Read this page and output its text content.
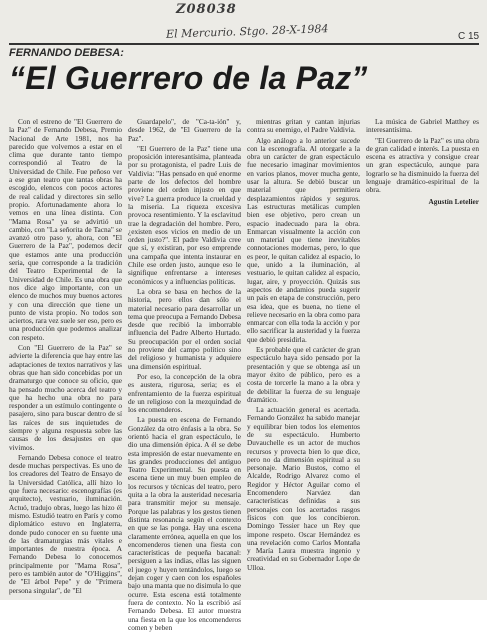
Z08038
El Mercurio. Stgo. 28-X-1984	C 15
FERNANDO DEBESA:
“El Guerrero de la Paz”

Con el estreno de "El Guerrero de la Paz" de Fernando Debesa, Premio Nacional de Arte 1981, nos ha parecido que volvemos a estar en el clima que durante tanto tiempo correspondió al Teatro de la Universidad de Chile. Fue peñoso ver a ese gran teatro que tantas obras ha escogido, elencos con pocos actores de real calidad y directores sin sello propio. Afortunadamente ahora lo vemos en una línea distinta. Con "Mama Rosa" ya se advirtió un cambio, con "La señorita de Tacna" se avanzó otro paso y, ahora, con "El Guerrero de la Paz", podemos decir que estamos ante una producción seria, que corresponde a la tradición del Teatro Experimental de la Universidad de Chile. Es una obra que nos dice algo importante, con un elenco de muchos muy buenos actores y con una dirección que tiene un punto de vista propio. No todos son aciertos, rara vez suele ser eso, pero es una producción que podemos analizar con respeto.

Con "El Guerrero de la Paz" se advierte la diferencia que hay entre las adaptaciones de textos narrativos y las obras que han sido concebidas por un dramaturgo que conoce su oficio, que ha pensado mucho acerca del teatro y que ha hecho una obra no para responder a un estímulo contingente o pasajero, sino para buscar dentro de sí las raíces de sus inquietudes de siempre y alguna respuesta sobre las causas de los desajustes en que vivimos.

Fernando Debesa conoce el teatro desde muchas perspectivas. Es uno de los creadores del Teatro de Ensayo de la Universidad Católica, allí hizo lo que fuera necesario: escenografías (es arquitecto), vestuario, iluminación. Actuó, tradujo obras, luego las hizo él mismo. Estudió teatro en París y como diplomático estuvo en Inglaterra, donde pudo conocer en su fuente una de las dramaturgias más vitales e importantes de nuestra época. A Fernando Debesa lo conocemos principalmente por "Mama Rosa", pero es también autor de "O'Higgins", de "El árbol Pepe" y de "Primera persona singular", de "El

Guardapelo", de "Ca-ta-ión" y, desde 1962, de "El Guerrero de la Paz".

"El Guerrero de la Paz" tiene una proposición interesantísima, planteada por su protagonista, el padre Luis de Valdivia: "Has pensado en qué enorme parte de los defectos del hombre proviene del orden injusto en que vive? La guerra produce la crueldad y la miseria. La riqueza excesiva provoca resentimiento. Y la esclavitud trae la degradación del hombre. Pero, ¿existen esos vicios en medio de un orden justo?". El padre Valdivia cree que sí, y existiran, por eso emprende una campaña que intenta instaurar en Chile ese orden justo, aunque eso le signifique enfrentarse a intereses económicos y a influencias políticas.

La obra se basa en hechos de la historia, pero ellos dan sólo el material necesario para desarrollar un tema que preocupa a Fernando Debesa desde que recibió la imborrable influencia del Padre Alberto Hurtado. Su preocupación por el orden social no proviene del campo político sino del religioso y humanista y adquiere una dimensión espiritual.

Por eso, la concepción de la obra es austera, rigurosa, seria; es el enfrentamiento de la fuerza espiritual de un religioso con la mezquindad de los encomenderos.

La puesta en escena de Fernando González da otro énfasis a la obra. Se orientó hacia el gran espectáculo, le dio una dimensión épica. A él se debe esta impresión de estar nuevamente en las grandes producciones del antiguo Teatro Experimental. Su puesta en escena tiene un muy buen empleo de los recursos y técnicas del teatro, pero quita a la obra la austeridad necesaria para transmitir mejor su mensaje. Porque las palabras y los gestos tienen distinta resonancia según el contexto en que se las ponga. Hay una escena claramente errónea, aquella en que los encomenderos tienen una fiesta con características de pequeña bacanal: persiguen a las indias, ellas las siguen el juego y huyen tentándolos, luego se dejan coger y caen con los españoles bajo una manta que no disimula lo que ocurre. Esta escena está totalmente fuera de contexto. No la escribió así Fernando Debesa. El autor muestra una fiesta en la que los encomenderos comen y beben

mientras gritan y cantan injurias contra su enemigo, el Padre Valdivia.

Algo análogo a lo anterior sucede con la escenografía. Al otorgarle a la obra un carácter de gran espectáculo fue necesario imaginar movimientos en varios planos, mover mucha gente, usar la altura. Se debió buscar un material que permitiera desplazamientos rápidos y seguros. Las estructuras metálicas cumplen bien ese objetivo, pero crean un espacio inadecuado para la obra. Enmarcan visualmente la acción con un material que tiene inevitables connotaciones modernas, pero, lo que es peor, le quitan calidez al espacio, lo que, unido a la iluminación, al vestuario, le quitan calidez al espacio, lugar, aire, y proyección. Quizás sus aspectos de andamios pueda sugerir un país en etapa de construcción, pero esa idea, que es buena, no tiene el relieve necesario en la obra como para enmarcar con ella toda la acción y por ello sacrificar la austeridad y la fuerza que debió presidirla.

Es probable que el carácter de gran espectáculo haya sido pensado por la presentación y que se obtenga así un mayor éxito de público, pero es a costa de torcerle la mano a la obra y de debilitar la fuerza de su lenguaje dramático.

La actuación general es acertada. Fernando González ha sabido manejar y equilibrar bien todos los elementos de su espectáculo. Humberto Duvauchelle es un actor de muchos recursos y provecta bien lo que dice, pero no da dimensión espiritual a su personaje. Mario Bustos, como el Alcalde, Rodrigo Alvarez como el Regidor y Héctor Aguilar como el Encomendero Narváez dan características definidas a sus personajes con los acertados rasgos físicos con que los concibieron. Domingo Tessier hace un Rey que impone respeto. Oscar Hernández es una revelación como Carlos Montaña y María Laura muestra ingenio y creatividad en su Gobernador Lope de Ulloa.

La música de Gabriel Matthey es interesantísima.

"El Guerrero de la Paz" es una obra de gran calidad e interés. La puesta en escena es atractiva y consigue crear un gran espectáculo, aunque para lograrlo se ha disminuido la fuerza del lenguaje dramático-espiritual de la obra.

Agustín Letelier
